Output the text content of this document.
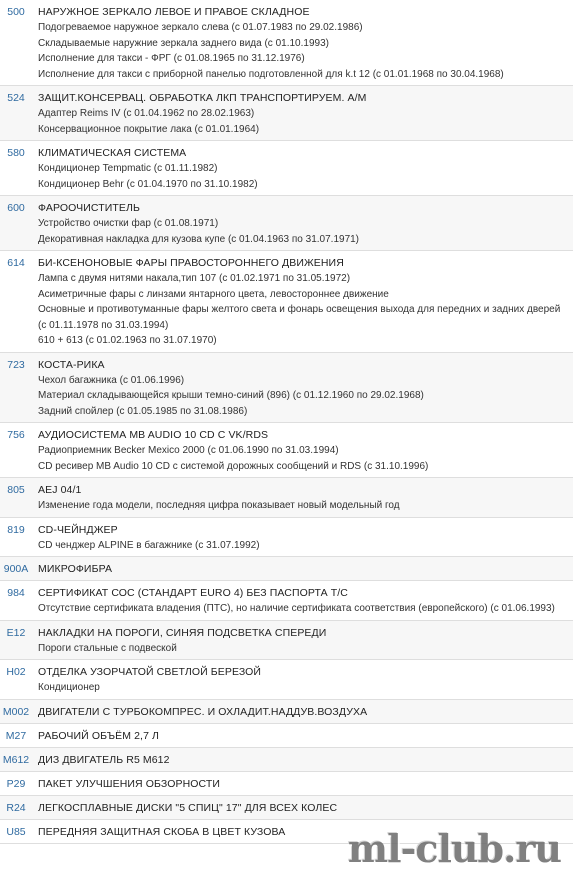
500	НАРУЖНОЕ ЗЕРКАЛО ЛЕВОЕ И ПРАВОЕ СКЛАДНОЕ
Подогреваемое наружное зеркало слева (с 01.07.1983 по 29.02.1986)
Складываемые наружние зеркала заднего вида (с 01.10.1993)
Исполнение для такси - ФРГ (с 01.08.1965 по 31.12.1976)
Исполнение для такси с приборной панелью подготовленной для k.t 12 (с 01.01.1968 по 30.04.1968)
524	ЗАЩИТ.КОНСЕРВАЦ. ОБРАБОТКА ЛКП ТРАНСПОРТИРУЕМ. А/М
Адаптер Reims IV (с 01.04.1962 по 28.02.1963)
Консервационное покрытие лака (с 01.01.1964)
580	КЛИМАТИЧЕСКАЯ СИСТЕМА
Кондиционер Tempmatic (с 01.11.1982)
Кондиционер Behr (с 01.04.1970 по 31.10.1982)
600	ФАРООЧИСТИТЕЛЬ
Устройство очистки фар (с 01.08.1971)
Декоративная накладка для кузова купе (с 01.04.1963 по 31.07.1971)
614	БИ-КСЕНОНОВЫЕ ФАРЫ ПРАВОСТОРОННЕГО ДВИЖЕНИЯ
Лампа с двумя нитями накала,тип 107 (с 01.02.1971 по 31.05.1972)
Асиметричные фары с линзами янтарного цвета, левостороннее движение
Основные и противотуманные фары желтого света и фонарь освещения выхода для передних и задних дверей (с 01.11.1978 по 31.03.1994)
610 + 613 (с 01.02.1963 по 31.07.1970)
723	КОСТА-РИКА
Чехол багажника (с 01.06.1996)
Материал складывающейся крыши темно-синий (896) (с 01.12.1960 по 29.02.1968)
Задний спойлер (с 01.05.1985 по 31.08.1986)
756	АУДИОСИСТЕМА MB AUDIO 10 CD С VK/RDS
Радиоприемник Becker Mexico 2000 (с 01.06.1990 по 31.03.1994)
CD ресивер MB Audio 10 CD с системой дорожных сообщений и RDS (с 31.10.1996)
805	AEJ 04/1
Изменение года модели, последняя цифра показывает новый модельный год
819	CD-ЧЕЙНДЖЕР
CD ченджер ALPINE в багажнике (с 31.07.1992)
900A МИКРОФИБРА
984	СЕРТИФИКАТ СОС (СТАНДАРТ EURO 4) БЕЗ ПАСПОРТА Т/С
Отсутствие сертификата владения (ПТС), но наличие сертификата соответствия (европейского) (с 01.06.1993)
E12	НАКЛАДКИ НА ПОРОГИ, СИНЯЯ ПОДСВЕТКА СПЕРЕДИ
Пороги стальные с подвеской
H02	ОТДЕЛКА УЗОРЧАТОЙ СВЕТЛОЙ БЕРЕЗОЙ
Кондиционер
M002 ДВИГАТЕЛИ С ТУРБОКОМПРЕС. И ОХЛАДИТ.НАДДУВ.ВОЗДУХА
M27	РАБОЧИЙ ОБЪЁМ 2,7 Л
M612 ДИЗ ДВИГАТЕЛЬ R5 M612
P29	ПАКЕТ УЛУЧШЕНИЯ ОБЗОРНОСТИ
R24	ЛЕГКОСПЛАВНЫЕ ДИСКИ "5 СПИЦ" 17" ДЛЯ ВСЕХ КОЛЕС
U85	ПЕРЕДНЯЯ ЗАЩИТНАЯ СКОБА В ЦВЕТ КУЗОВА	ml-club.ru
